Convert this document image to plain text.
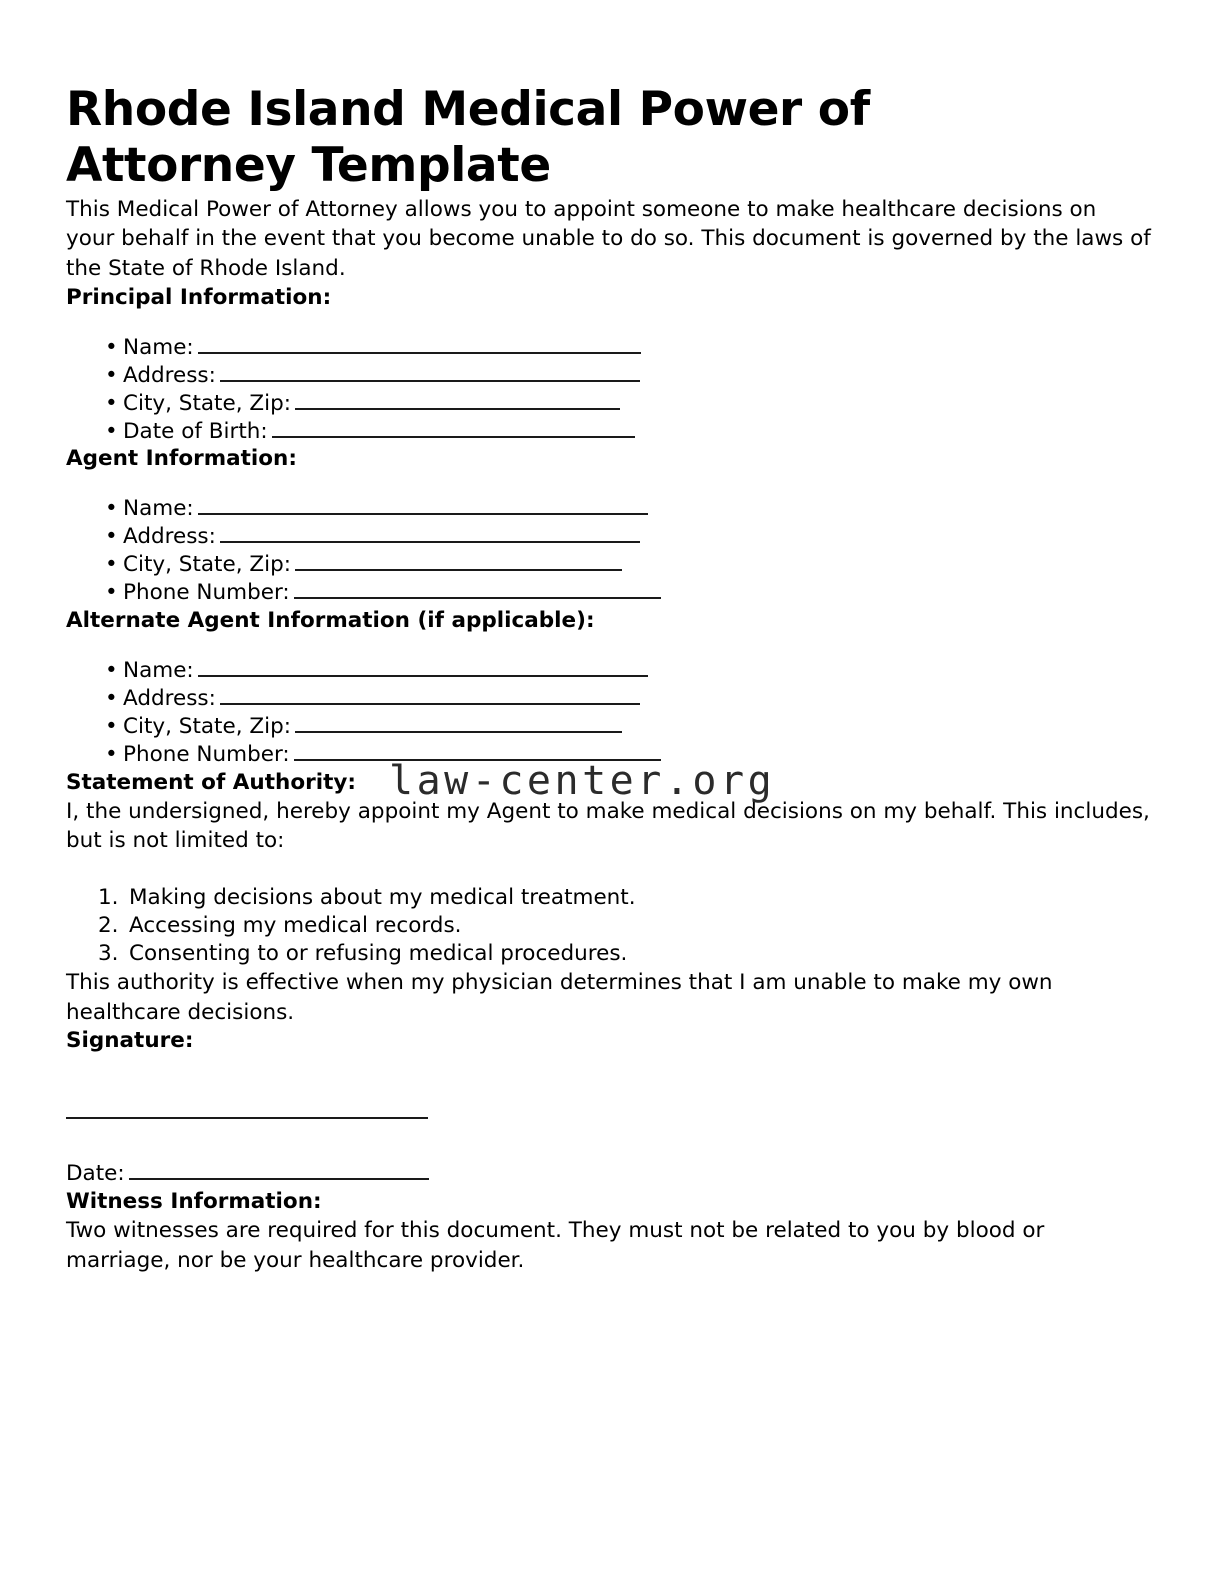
Rhode Island Medical Power of Attorney Template

This Medical Power of Attorney allows you to appoint someone to make healthcare decisions on your behalf in the event that you become unable to do so. This document is governed by the laws of the State of Rhode Island.

Principal Information:
• Name:
• Address:
• City, State, Zip:
• Date of Birth:
Agent Information:
• Name:
• Address:
• City, State, Zip:
• Phone Number:
Alternate Agent Information (if applicable):
• Name:
• Address:
• City, State, Zip:
• Phone Number:
Statement of Authority:

I, the undersigned, hereby appoint my Agent to make medical decisions on my behalf. This includes, but is not limited to:

1. Making decisions about my medical treatment.
2. Accessing my medical records.
3. Consenting to or refusing medical procedures.

This authority is effective when my physician determines that I am unable to make my own healthcare decisions.

Signature:
Date:
Witness Information:

Two witnesses are required for this document. They must not be related to you by blood or marriage, nor be your healthcare provider.

law-center.org
